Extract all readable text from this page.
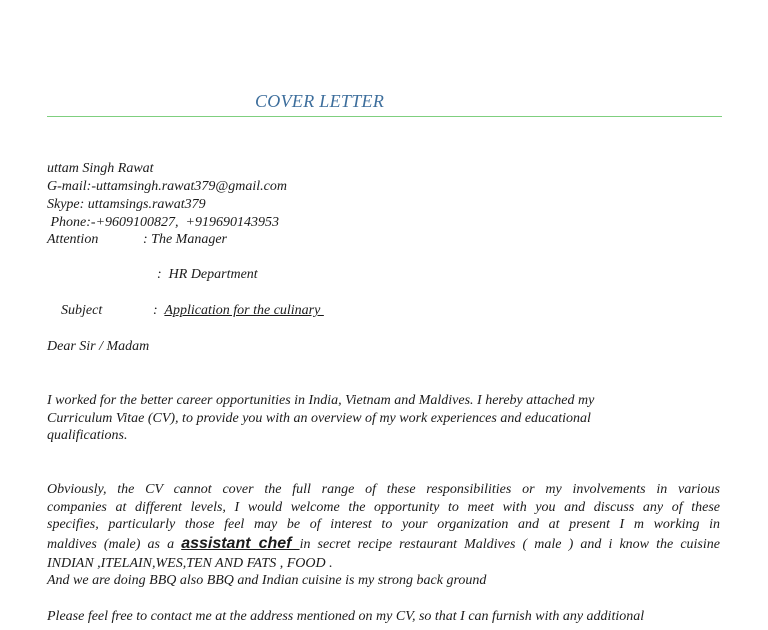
COVER LETTER
uttam Singh Rawat
G-mail:-uttamsingh.rawat379@gmail.com
Skype: uttamsings.rawat379
Phone:-+9609100827,  +919690143953
Attention	: The Manager

:  HR Department

Subject	:  Application for the culinary

Dear Sir / Madam
I worked for the better career opportunities in India, Vietnam and Maldives. I hereby attached my
Curriculum Vitae (CV), to provide you with an overview of my work experiences and educational
qualifications.
Obviously, the CV cannot cover the full range of these responsibilities or my involvements in various
companies at different levels, I would welcome the opportunity to meet with you and discuss any of these
specifies, particularly those feel may be of interest to your organization and at present I m working in
maldives (male) as a assistant chef in secret recipe restaurant Maldives ( male ) and i know the cuisine
INDIAN ,ITELAIN,WES,TEN AND FATS , FOOD .
And we are doing BBQ also BBQ and Indian cuisine is my strong back ground
Please feel free to contact me at the address mentioned on my CV, so that I can furnish with any additional
